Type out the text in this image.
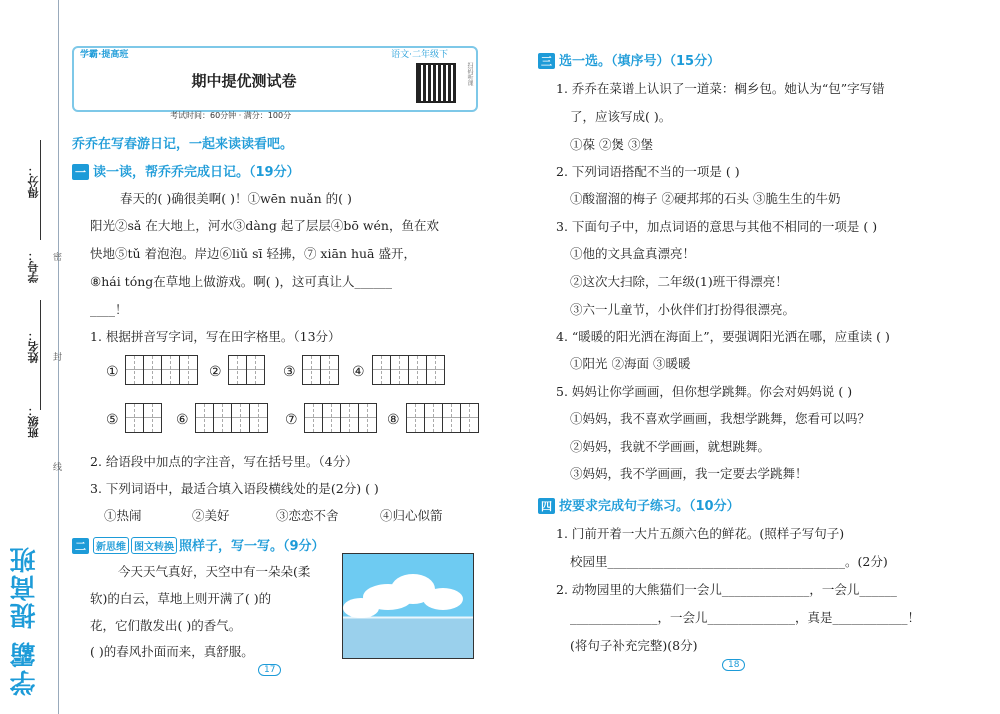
班级：
姓名：
学号：
得分：
线
封
密
学霸 提高班
学霸·提高班	语文·二年级下
期中提优测试卷	扫码听课
考试时间：60分钟 · 满分：100分
乔乔在写春游日记，一起来读读看吧。
一 读一读，帮乔乔完成日记。（19分）
春天的( )确很美啊( )！①wēn nuǎn 的( )
阳光②sǎ 在大地上，河水③dàng 起了层层④bō wén，鱼在欢
快地⑤tǔ 着泡泡。岸边⑥liǔ sī 轻拂，⑦ xiān huā 盛开，
⑧hái tóng在草地上做游戏。啊( )，这可真让人______
____！
1. 根据拼音写字词，写在田字格里。（13分）
①	②	③	④
⑤	⑥	⑦	⑧
2. 给语段中加点的字注音，写在括号里。（4分）
3. 下列词语中，最适合填入语段横线处的是(2分) ( )
①热闹	②美好	③恋恋不舍	④归心似箭
二 新思维 图文转换 照样子，写一写。（9分）
今天天气真好，天空中有一朵朵(柔
软)的白云，草地上则开满了( )的
花，它们散发出( )的香气。
( )的春风扑面而来，真舒服。
17
三 选一选。（填序号）（15分）
1. 乔乔在菜谱上认识了一道菜：榈乡包。她认为“包”字写错
了，应该写成( )。
①葆 ②煲 ③堡
2. 下列词语搭配不当的一项是 ( )
①酸溜溜的梅子 ②硬邦邦的石头 ③脆生生的牛奶
3. 下面句子中，加点词语的意思与其他不相同的一项是 ( )
①他的文具盒真漂亮！
②这次大扫除，二年级(1)班干得漂亮！
③六一儿童节，小伙伴们打扮得很漂亮。
4. “暖暖的阳光洒在海面上”，要强调阳光洒在哪，应重读 ( )
①阳光 ②海面 ③暖暖
5. 妈妈让你学画画，但你想学跳舞。你会对妈妈说 ( )
①妈妈，我不喜欢学画画，我想学跳舞，您看可以吗？
②妈妈，我就不学画画，就想跳舞。
③妈妈，我不学画画，我一定要去学跳舞！
四 按要求完成句子练习。（10分）
1. 门前开着一大片五颜六色的鲜花。(照样子写句子)
校园里______________________________________。(2分)
2. 动物园里的大熊猫们一会儿______________，一会儿______
______________，一会儿______________，真是____________！
(将句子补充完整)(8分)
18
